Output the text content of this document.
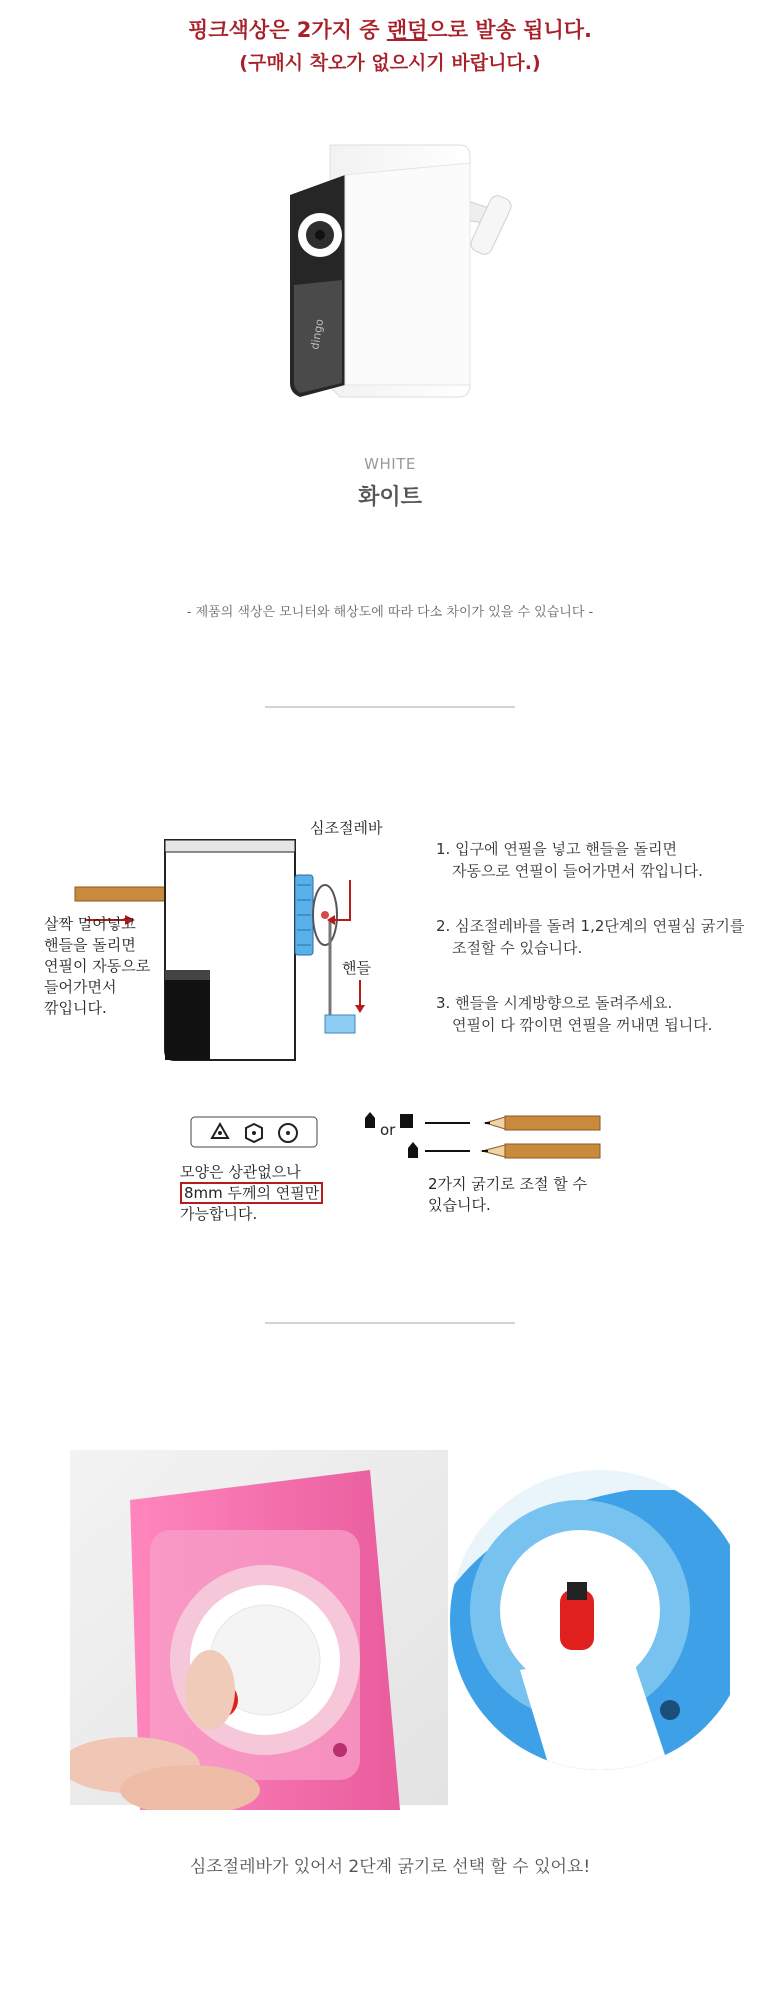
핑크색상은 2가지 중 랜덤으로 발송 됩니다.
(구매시 착오가 없으시기 바랍니다.)
dingo
WHITE
화이트
- 제품의 색상은 모니터와 해상도에 따라 다소 차이가 있을 수 있습니다 -
심조절레바
핸들
살짝 밀어넣고
핸들을 돌리면
연필이 자동으로
들어가면서
깎입니다.
1. 입구에 연필을 넣고 핸들을 돌리면
자동으로 연필이 들어가면서 깎입니다.
2. 심조절레바를 돌려 1,2단계의 연필심 굵기를
조절할 수 있습니다.
3. 핸들을 시계방향으로 돌려주세요.
연필이 다 깎이면 연필을 꺼내면 됩니다.
모양은 상관없으나
8mm 두께의 연필만
가능합니다.
or
2가지 굵기로 조절 할 수
있습니다.
심조절레바가 있어서 2단계 굵기로 선택 할 수 있어요!
